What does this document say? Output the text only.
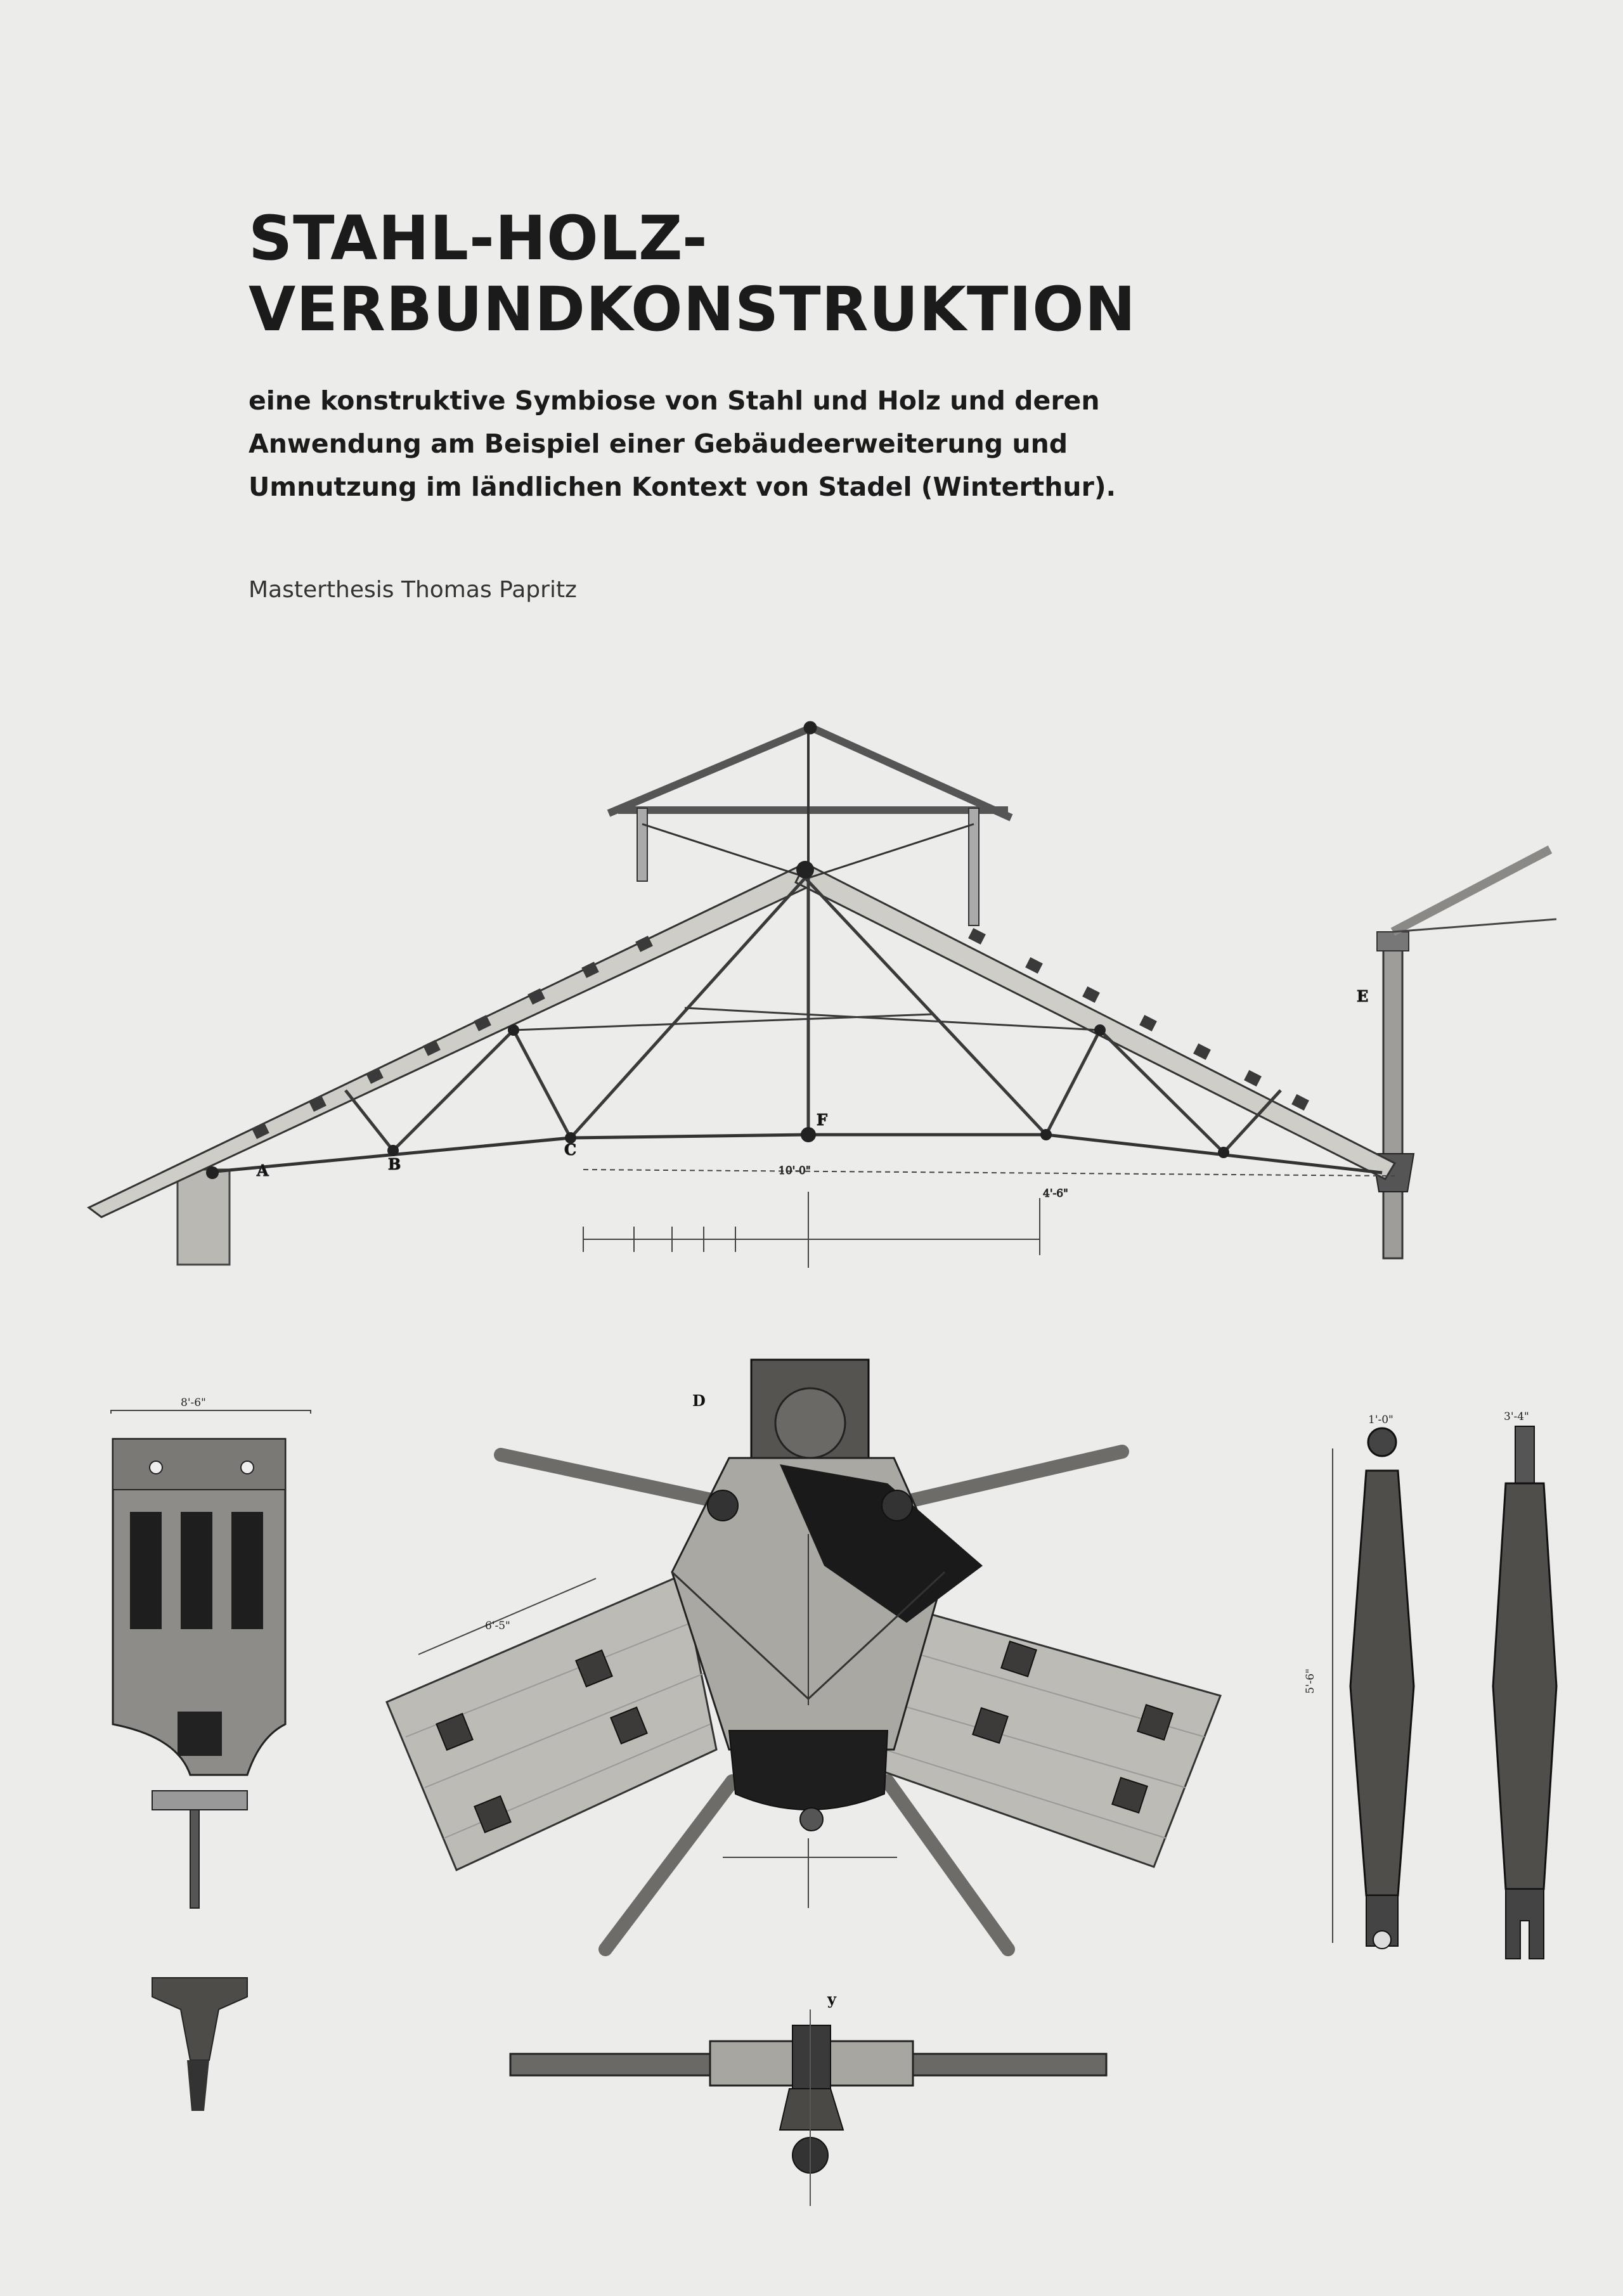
STAHL-HOLZ-
VERBUNDKONSTRUKTION
eine konstruktive Symbiose von Stahl und Holz und deren
Anwendung am Beispiel einer Gebäudeerweiterung und
Umnutzung im ländlichen Kontext von Stadel (Winterthur).
Masterthesis Thomas Papritz
A	B
C
F
E
10'-0"
4'-6"
8'-6"	D
6'-5"
y
5'-6"
1'-0"	3'-4"
